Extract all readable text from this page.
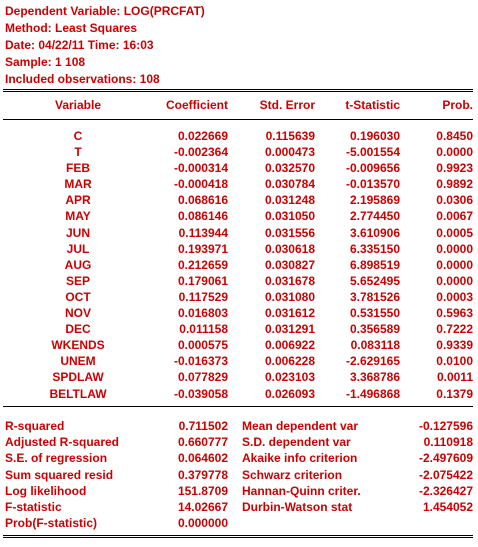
Dependent Variable: LOG(PRCFAT)
Method: Least Squares
Date: 04/22/11 Time: 16:03
Sample: 1 108
Included observations: 108
Variable	Coefficient	Std. Error	t-Statistic	Prob.
C	0.022669	0.115639	0.196030	0.8450
T	-0.002364	0.000473	-5.001554	0.0000
FEB	-0.000314	0.032570	-0.009656	0.9923
MAR	-0.000418	0.030784	-0.013570	0.9892
APR	0.068616	0.031248	2.195869	0.0306
MAY	0.086146	0.031050	2.774450	0.0067
JUN	0.113944	0.031556	3.610906	0.0005
JUL	0.193971	0.030618	6.335150	0.0000
AUG	0.212659	0.030827	6.898519	0.0000
SEP	0.179061	0.031678	5.652495	0.0000
OCT	0.117529	0.031080	3.781526	0.0003
NOV	0.016803	0.031612	0.531550	0.5963
DEC	0.011158	0.031291	0.356589	0.7222
WKENDS	0.000575	0.006922	0.083118	0.9339
UNEM	-0.016373	0.006228	-2.629165	0.0100
SPDLAW	0.077829	0.023103	3.368786	0.0011
BELTLAW	-0.039058	0.026093	-1.496868	0.1379
R-squared	0.711502		Mean dependent var	-0.127596
Adjusted R-squared	0.660777		S.D. dependent var	0.110918
S.E. of regression	0.064602		Akaike info criterion	-2.497609
Sum squared resid	0.379778		Schwarz criterion	-2.075422
Log likelihood	151.8709		Hannan-Quinn criter.	-2.326427
F-statistic	14.02667		Durbin-Watson stat	1.454052
Prob(F-statistic)	0.000000			
